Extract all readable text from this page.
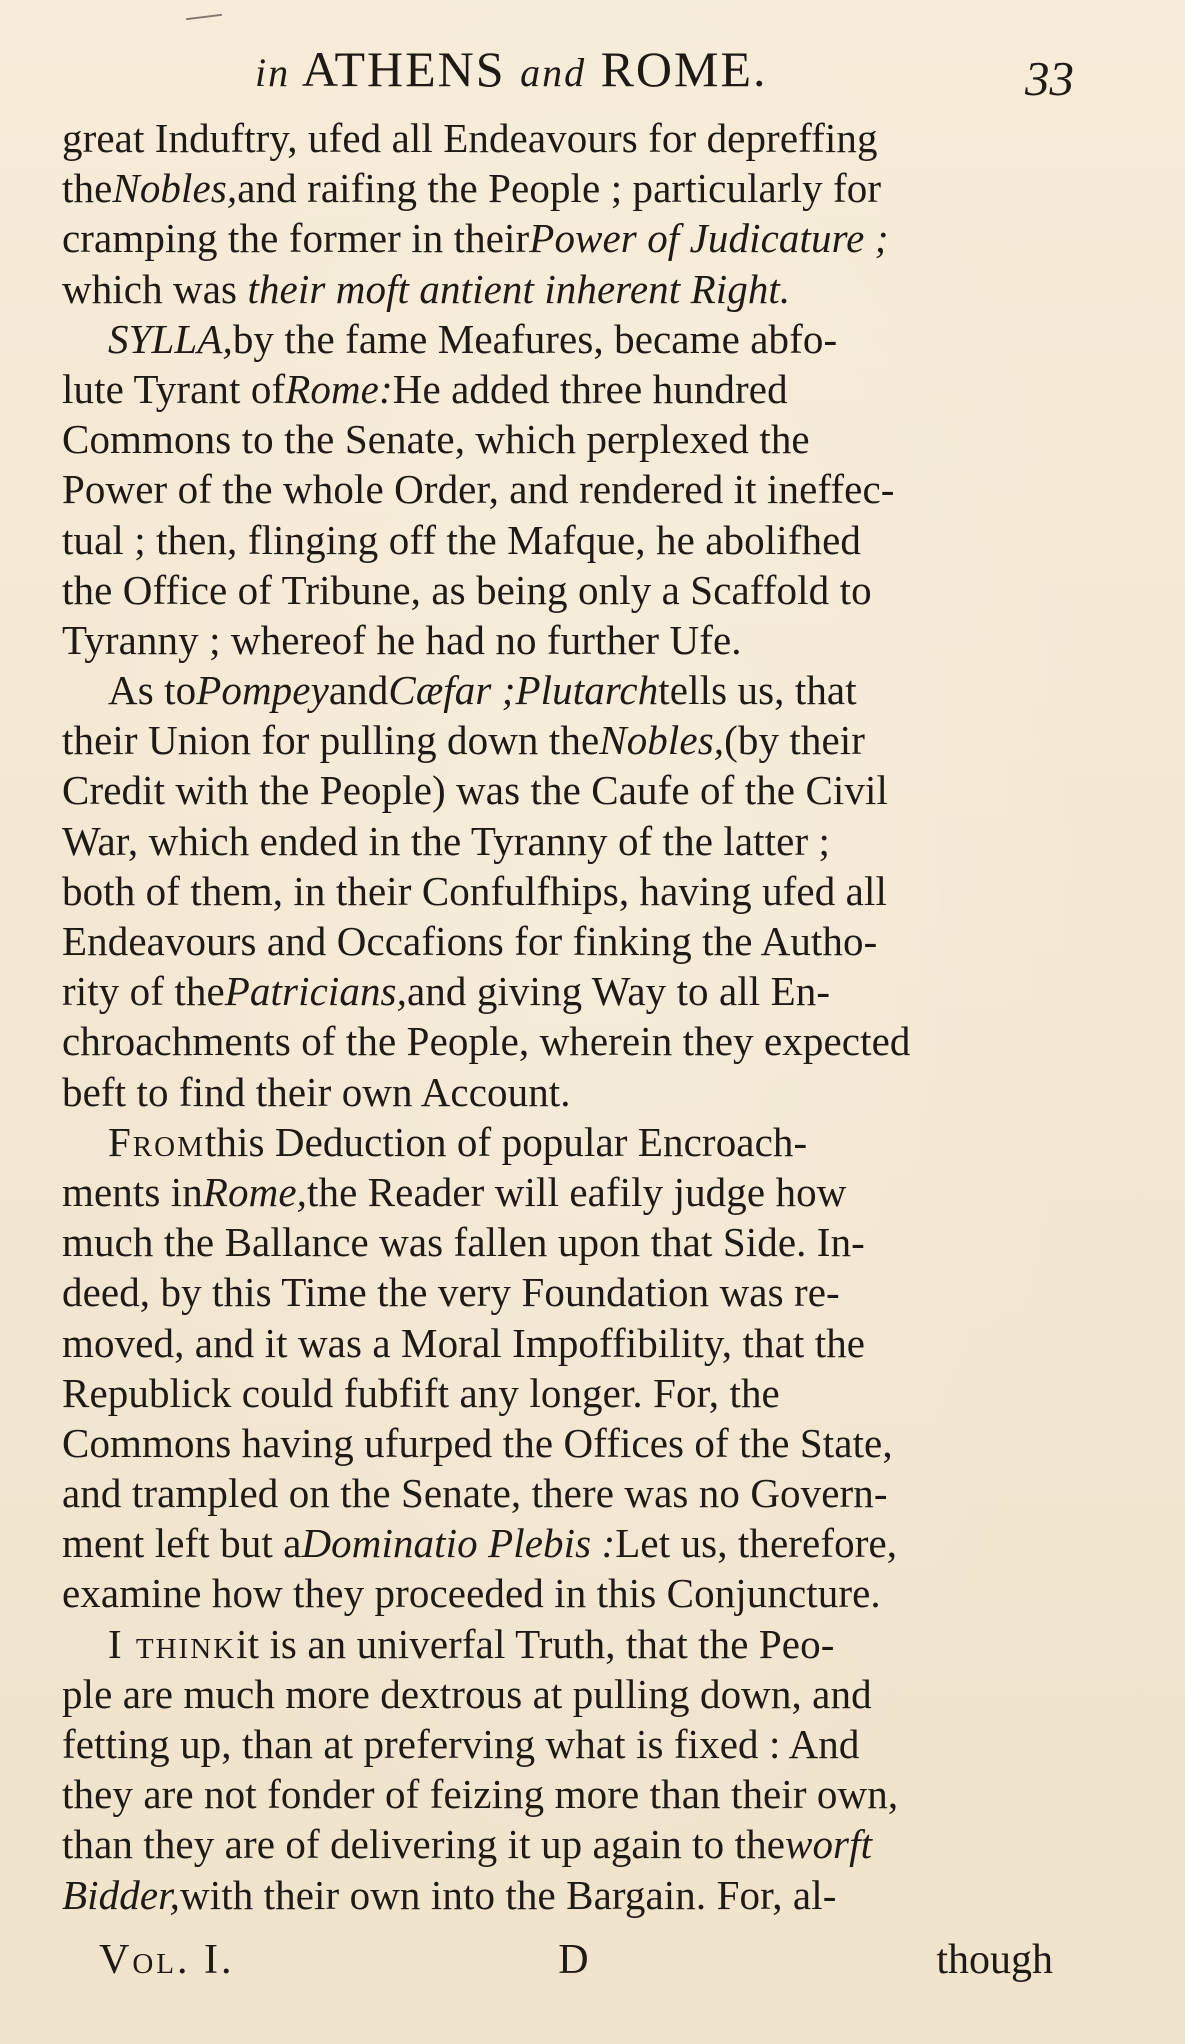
in ATHENS and ROME.	33
great Induftry, ufed all Endeavours for depreffing
theNobles,and raifing the People ; particularly for
cramping the former in theirPower of Judicature ;
which was their moft antient inherent Right.
SYLLA,by the fame Meafures, became abfo-
lute Tyrant ofRome:He added three hundred
Commons to the Senate, which perplexed the
Power of the whole Order, and rendered it ineffec-
tual ; then, flinging off the Mafque, he abolifhed
the Office of Tribune, as being only a Scaffold to
Tyranny ; whereof he had no further Ufe.
As toPompeyandCæfar ;Plutarchtells us, that
their Union for pulling down theNobles,(by their
Credit with the People) was the Caufe of the Civil
War, which ended in the Tyranny of the latter ;
both of them, in their Confulfhips, having ufed all
Endeavours and Occafions for finking the Autho-
rity of thePatricians,and giving Way to all En-
chroachments of the People, wherein they expected
beft to find their own Account.
Fromthis Deduction of popular Encroach-
ments inRome,the Reader will eafily judge how
much the Ballance was fallen upon that Side. In-
deed, by this Time the very Foundation was re-
moved, and it was a Moral Impoffibility, that the
Republick could fubfift any longer. For, the
Commons having ufurped the Offices of the State,
and trampled on the Senate, there was no Govern-
ment left but aDominatio Plebis :Let us, therefore,
examine how they proceeded in this Conjuncture.
I thinkit is an univerfal Truth, that the Peo-
ple are much more dextrous at pulling down, and
fetting up, than at preferving what is fixed : And
they are not fonder of feizing more than their own,
than they are of delivering it up again to theworft
Bidder,with their own into the Bargain. For, al-
Vol. I.	D	though
